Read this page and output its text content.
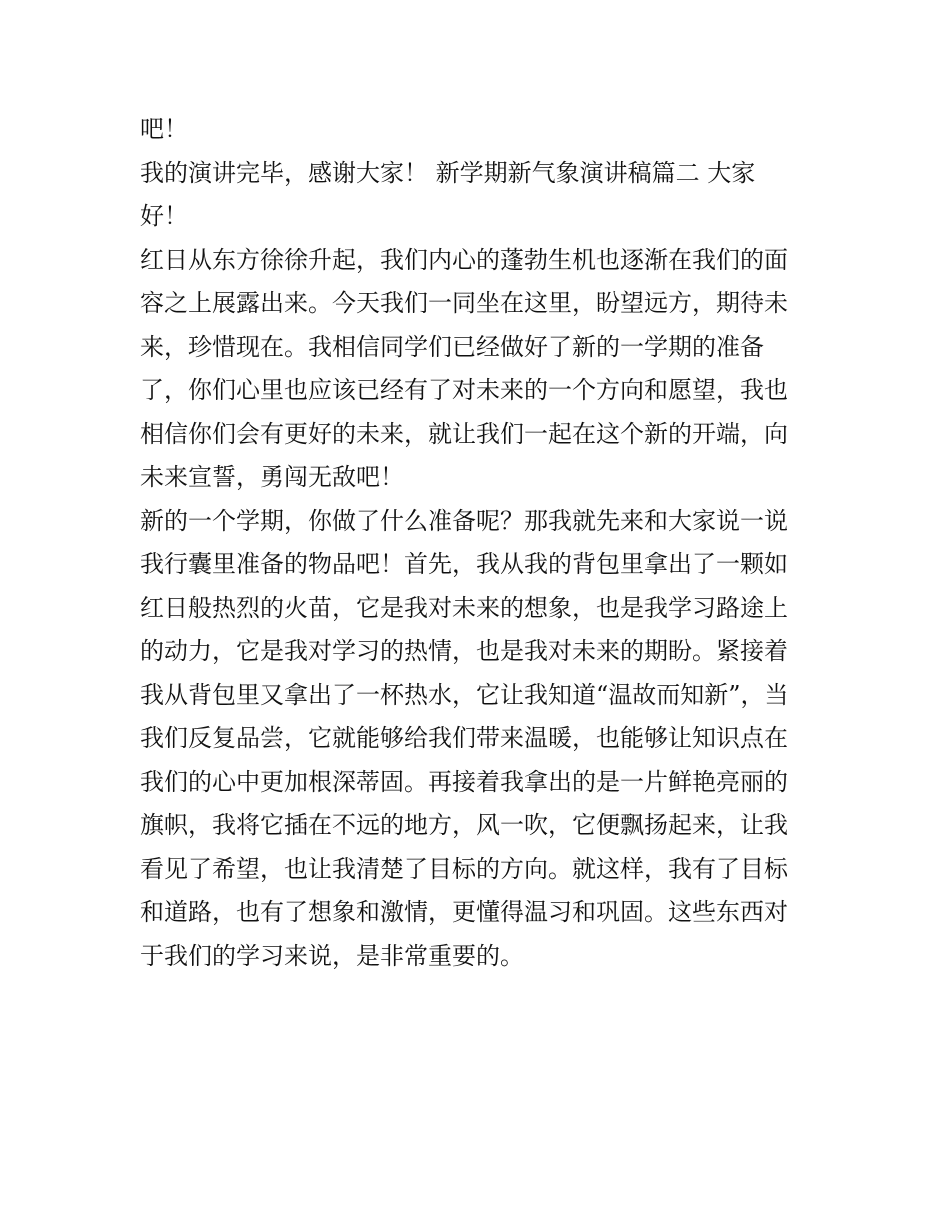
吧！
我的演讲完毕，感谢大家！ 新学期新气象演讲稿篇二 大家
好！
红日从东方徐徐升起，我们内心的蓬勃生机也逐渐在我们的面
容之上展露出来。今天我们一同坐在这里，盼望远方，期待未
来，珍惜现在。我相信同学们已经做好了新的一学期的准备
了，你们心里也应该已经有了对未来的一个方向和愿望，我也
相信你们会有更好的未来，就让我们一起在这个新的开端，向
未来宣誓，勇闯无敌吧！
新的一个学期，你做了什么准备呢？那我就先来和大家说一说
我行囊里准备的物品吧！首先，我从我的背包里拿出了一颗如
红日般热烈的火苗，它是我对未来的想象，也是我学习路途上
的动力，它是我对学习的热情，也是我对未来的期盼。紧接着
我从背包里又拿出了一杯热水，它让我知道“温故而知新”，当
我们反复品尝，它就能够给我们带来温暖，也能够让知识点在
我们的心中更加根深蒂固。再接着我拿出的是一片鲜艳亮丽的
旗帜，我将它插在不远的地方，风一吹，它便飘扬起来，让我
看见了希望，也让我清楚了目标的方向。就这样，我有了目标
和道路，也有了想象和激情，更懂得温习和巩固。这些东西对
于我们的学习来说，是非常重要的。
